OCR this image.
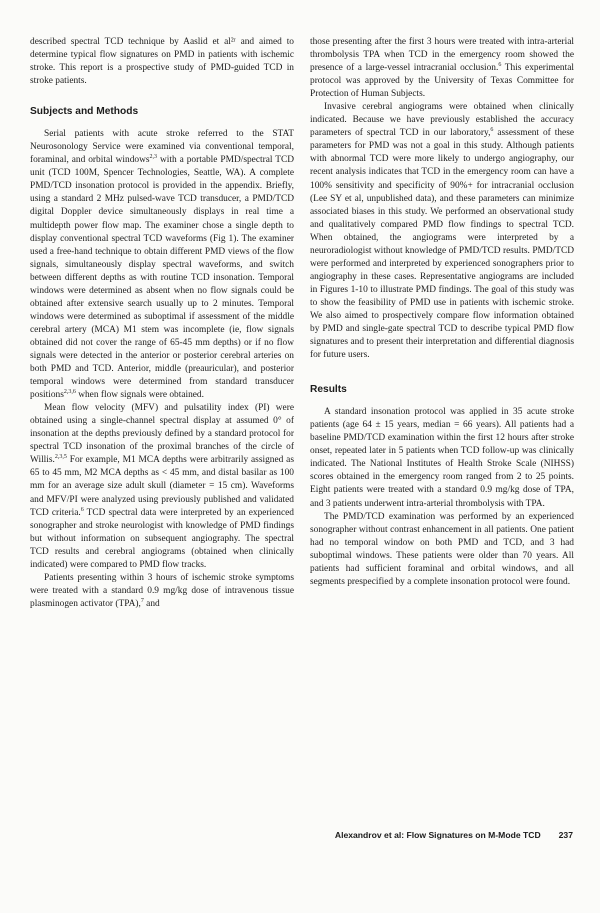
described spectral TCD technique by Aaslid et al²ʳ and aimed to determine typical flow signatures on PMD in patients with ischemic stroke. This report is a prospective study of PMD-guided TCD in stroke patients.

Subjects and Methods

Serial patients with acute stroke referred to the STAT Neurosonology Service were examined via conventional temporal, foraminal, and orbital windows$^{2,3}$ with a portable PMD/spectral TCD unit (TCD 100M, Spencer Technologies, Seattle, WA). A complete PMD/TCD insonation protocol is provided in the appendix. Briefly, using a standard 2 MHz pulsed-wave TCD transducer, a PMD/TCD digital Doppler device simultaneously displays in real time a multidepth power flow map. The examiner chose a single depth to display conventional spectral TCD waveforms (Fig 1). The examiner used a free-hand technique to obtain different PMD views of the flow signals, simultaneously display spectral waveforms, and switch between different depths as with routine TCD insonation. Temporal windows were determined as absent when no flow signals could be obtained after extensive search usually up to 2 minutes. Temporal windows were determined as suboptimal if assessment of the middle cerebral artery (MCA) M1 stem was incomplete (ie, flow signals obtained did not cover the range of 65-45 mm depths) or if no flow signals were detected in the anterior or posterior cerebral arteries on both PMD and TCD. Anterior, middle (preauricular), and posterior temporal windows were determined from standard transducer positions$^{2,3,6}$ when flow signals were obtained.

Mean flow velocity (MFV) and pulsatility index (PI) were obtained using a single-channel spectral display at assumed 0° of insonation at the depths previously defined by a standard protocol for spectral TCD insonation of the proximal branches of the circle of Willis.$^{2,3,5}$ For example, M1 MCA depths were arbitrarily assigned as 65 to 45 mm, M2 MCA depths as < 45 mm, and distal basilar as 100 mm for an average size adult skull (diameter = 15 cm). Waveforms and MFV/PI were analyzed using previously published and validated TCD criteria.$^6$ TCD spectral data were interpreted by an experienced sonographer and stroke neurologist with knowledge of PMD findings but without information on subsequent angiography. The spectral TCD results and cerebral angiograms (obtained when clinically indicated) were compared to PMD flow tracks.

Patients presenting within 3 hours of ischemic stroke symptoms were treated with a standard 0.9 mg/kg dose of intravenous tissue plasminogen activator (TPA),$^7$ and

those presenting after the first 3 hours were treated with intra-arterial thrombolysis TPA when TCD in the emergency room showed the presence of a large-vessel intracranial occlusion.$^6$ This experimental protocol was approved by the University of Texas Committee for Protection of Human Subjects.

Invasive cerebral angiograms were obtained when clinically indicated. Because we have previously established the accuracy parameters of spectral TCD in our laboratory,$^6$ assessment of these parameters for PMD was not a goal in this study. Although patients with abnormal TCD were more likely to undergo angiography, our recent analysis indicates that TCD in the emergency room can have a 100% sensitivity and specificity of 90%+ for intracranial occlusion (Lee SY et al, unpublished data), and these parameters can minimize associated biases in this study. We performed an observational study and qualitatively compared PMD flow findings to spectral TCD. When obtained, the angiograms were interpreted by a neuroradiologist without knowledge of PMD/TCD results. PMD/TCD were performed and interpreted by experienced sonographers prior to angiography in these cases. Representative angiograms are included in Figures 1-10 to illustrate PMD findings. The goal of this study was to show the feasibility of PMD use in patients with ischemic stroke. We also aimed to prospectively compare flow information obtained by PMD and single-gate spectral TCD to describe typical PMD flow signatures and to present their interpretation and differential diagnosis for future users.

Results

A standard insonation protocol was applied in 35 acute stroke patients (age 64 ± 15 years, median = 66 years). All patients had a baseline PMD/TCD examination within the first 12 hours after stroke onset, repeated later in 5 patients when TCD follow-up was clinically indicated. The National Institutes of Health Stroke Scale (NIHSS) scores obtained in the emergency room ranged from 2 to 25 points. Eight patients were treated with a standard 0.9 mg/kg dose of TPA, and 3 patients underwent intra-arterial thrombolysis with TPA.

The PMD/TCD examination was performed by an experienced sonographer without contrast enhancement in all patients. One patient had no temporal window on both PMD and TCD, and 3 had suboptimal windows. These patients were older than 70 years. All patients had sufficient foraminal and orbital windows, and all segments prespecified by a complete insonation protocol were found.

Alexandrov et al: Flow Signatures on M-Mode TCD 237
